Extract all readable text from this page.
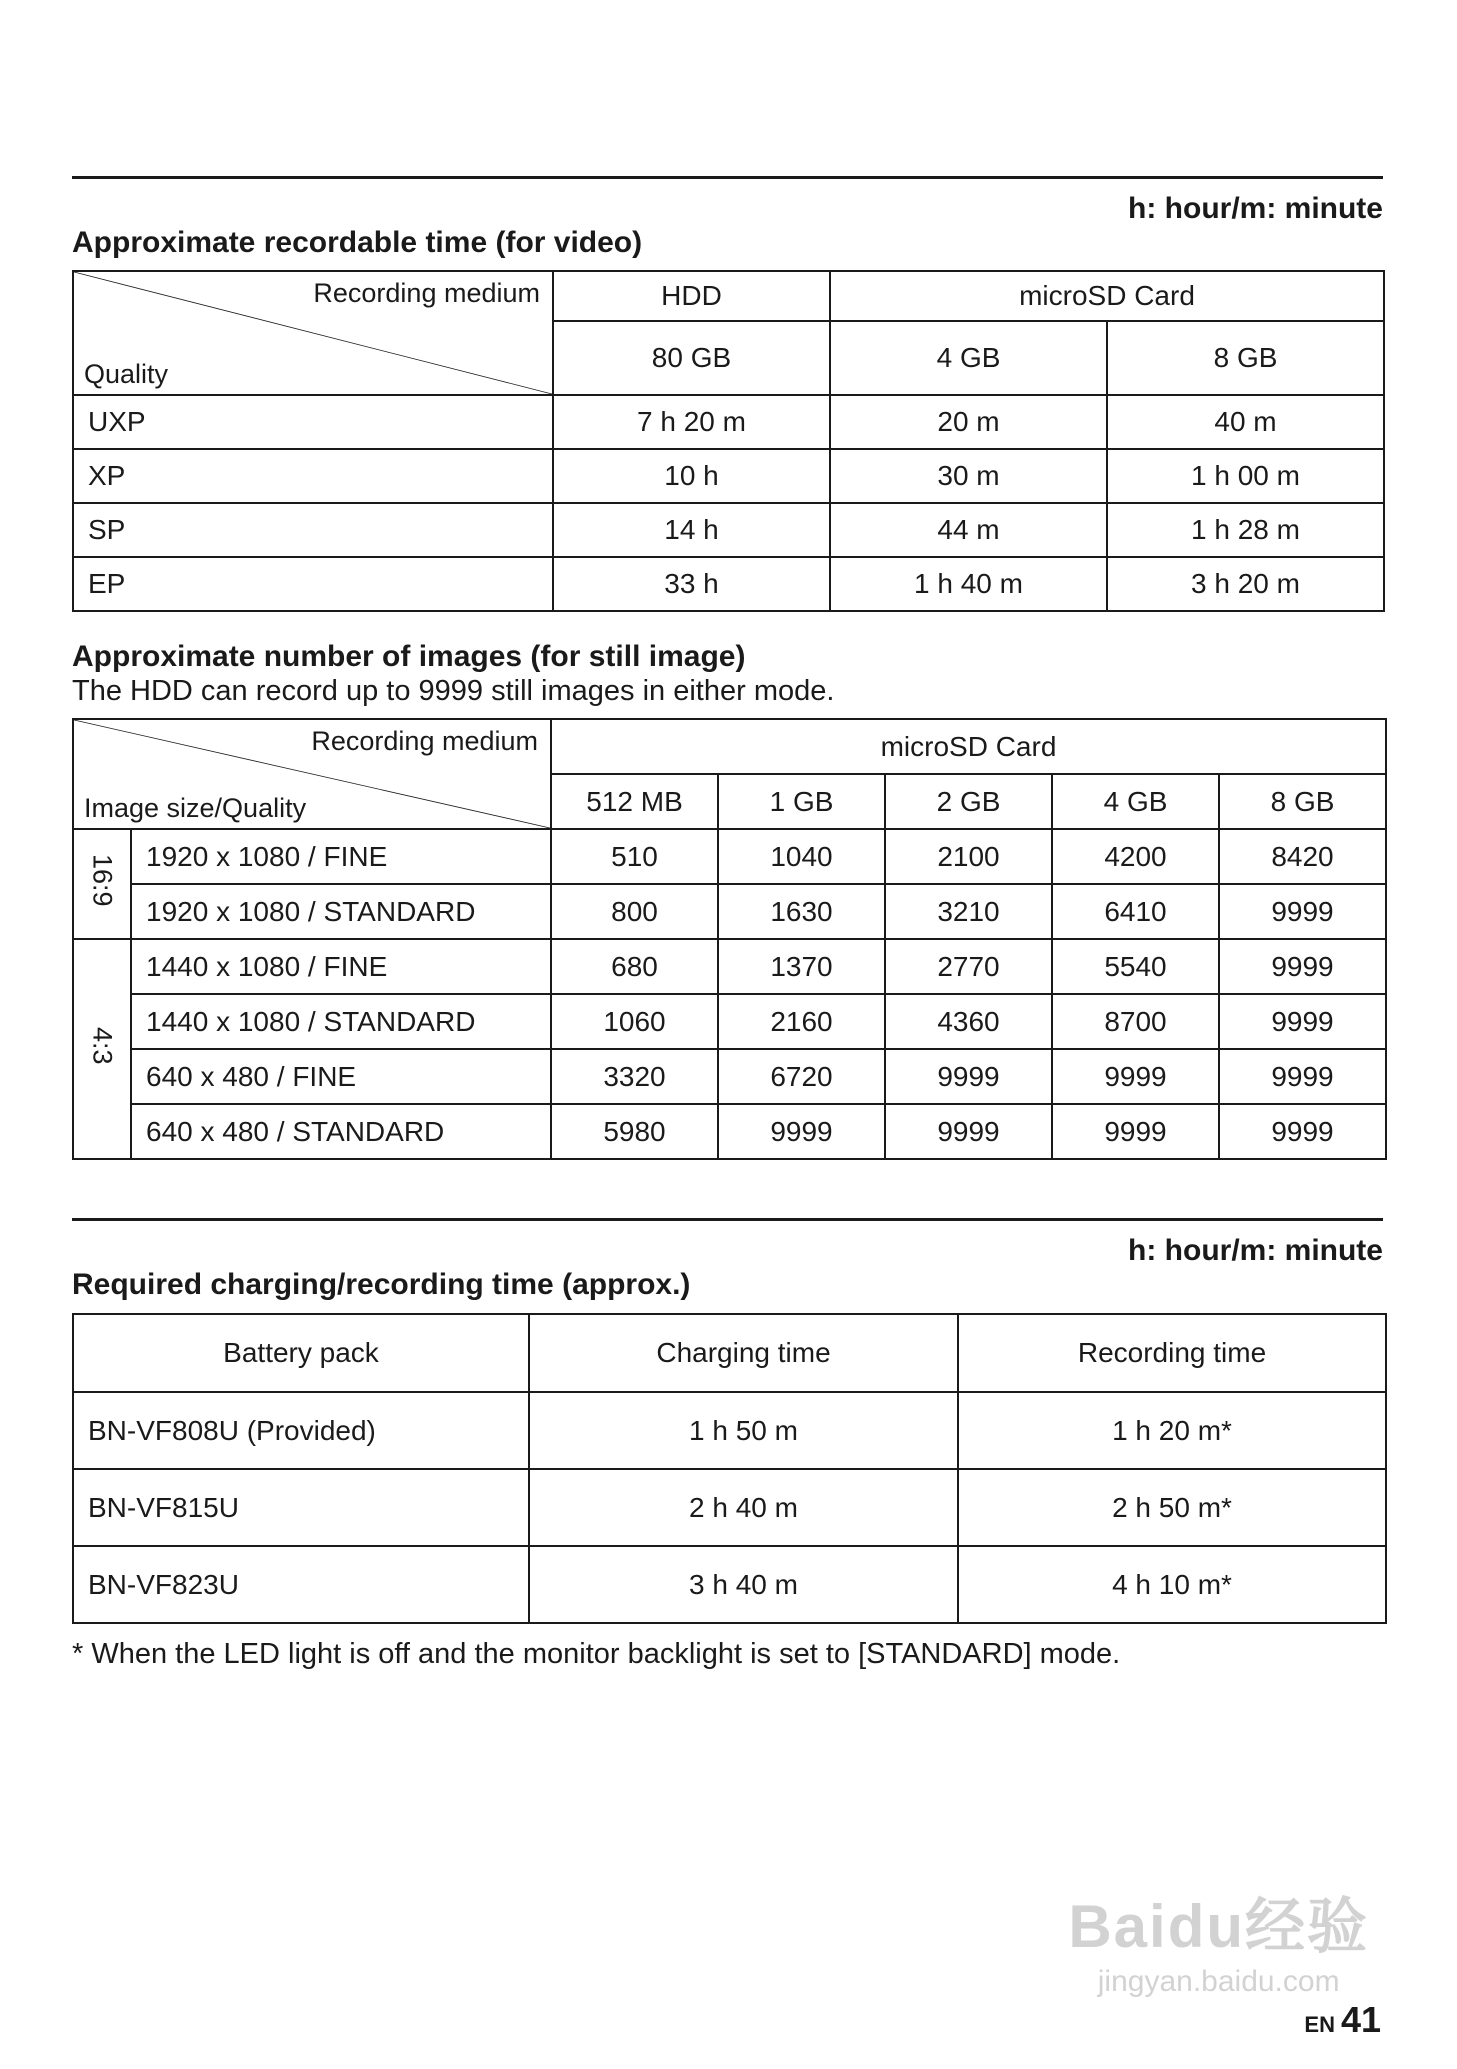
h: hour/m: minute
Approximate recordable time (for video)
Recording medium
Quality	HDD	microSD Card	
	80 GB	4 GB	8 GB
UXP	7 h 20 m	20 m	40 m
XP	10 h	30 m	1 h 00 m
SP	14 h	44 m	1 h 28 m
EP	33 h	1 h 40 m	3 h 20 m
Approximate number of images (for still image)
The HDD can record up to 9999 still images in either mode.
Recording medium
Image size/Quality		microSD Card				
		512 MB	1 GB	2 GB	4 GB	8 GB
16:9	1920 x 1080 / FINE	510	1040	2100	4200	8420
	1920 x 1080 / STANDARD	800	1630	3210	6410	9999
4:3	1440 x 1080 / FINE	680	1370	2770	5540	9999
	1440 x 1080 / STANDARD	1060	2160	4360	8700	9999
	640 x 480 / FINE	3320	6720	9999	9999	9999
	640 x 480 / STANDARD	5980	9999	9999	9999	9999
h: hour/m: minute
Required charging/recording time (approx.)
Battery pack	Charging time	Recording time
BN-VF808U (Provided)	1 h 50 m	1 h 20 m*
BN-VF815U	2 h 40 m	2 h 50 m*
BN-VF823U	3 h 40 m	4 h 10 m*
* When the LED light is off and the monitor backlight is set to [STANDARD] mode.
Baidu经验
jingyan.baidu.com
EN 41
